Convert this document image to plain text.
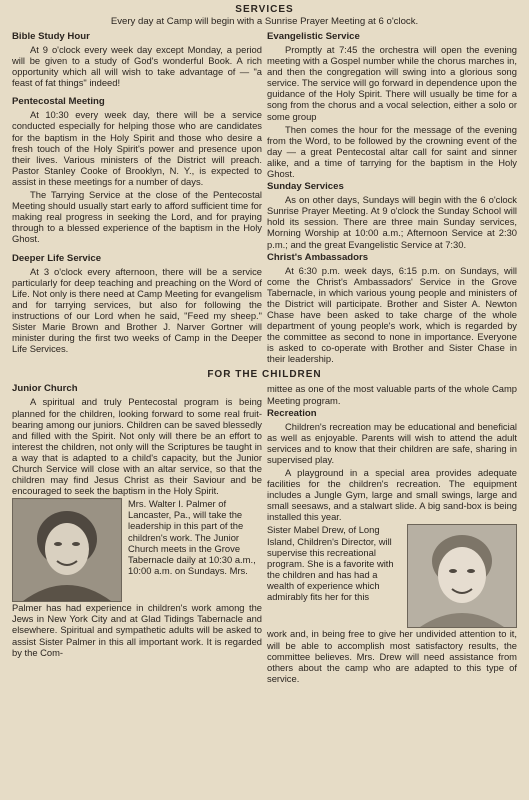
SERVICES
Every day at Camp will begin with a Sunrise Prayer Meeting at 6 o'clock.
Bible Study Hour

At 9 o'clock every week day except Monday, a period will be given to a study of God's wonderful Book. A rich opportunity which all will wish to take advantage of — "a feast of fat things" indeed!

Pentecostal Meeting

At 10:30 every week day, there will be a service conducted especially for helping those who are candidates for the baptism in the Holy Spirit and those who desire a fresh touch of the Holy Spirit's power and presence upon their lives. Various ministers of the District will preach. Pastor Stanley Cooke of Brooklyn, N. Y., is expected to assist in these meetings for a number of days.

The Tarrying Service at the close of the Pentecostal Meeting should usually start early to afford sufficient time for making real progress in seeking the Lord, and for praying through to a blessed experience of the baptism in the Holy Ghost.

Deeper Life Service

At 3 o'clock every afternoon, there will be a service particularly for deep teaching and preaching on the Word of Life. Not only is there need at Camp Meeting for evangelism and for tarrying services, but also for following the instructions of our Lord when he said, "Feed my sheep." Sister Marie Brown and Brother J. Narver Gortner will minister during the first two weeks of Camp in the Deeper Life Services.

Evangelistic Service

Promptly at 7:45 the orchestra will open the evening meeting with a Gospel number while the chorus marches in, and then the congregation will swing into a glorious song service. The service will go forward in dependence upon the guidance of the Holy Spirit. There will usually be time for a song from the chorus and a vocal selection, either a solo or some group

Then comes the hour for the message of the evening from the Word, to be followed by the crowning event of the day — a great Pentecostal altar call for saint and sinner alike, and a time of tarrying for the baptism in the Holy Ghost.

Sunday Services

As on other days, Sundays will begin with the 6 o'clock Sunrise Prayer Meeting. At 9 o'clock the Sunday School will hold its session. There are three main Sunday services, Morning Worship at 10:00 a.m.; Afternoon Service at 2:30 p.m.; and the great Evangelistic Service at 7:30.

Christ's Ambassadors

At 6:30 p.m. week days, 6:15 p.m. on Sundays, will come the Christ's Ambassadors' Service in the Grove Tabernacle, in which various young people and ministers of the District will participate. Brother and Sister A. Newton Chase have been asked to take charge of the whole department of young people's work, which is regarded by the committee as second to none in importance. Everyone is asked to co-operate with Brother and Sister Chase in their leadership.

FOR THE CHILDREN
Junior Church

A spiritual and truly Pentecostal program is being planned for the children, looking forward to some real fruit-bearing among our juniors. Children can be saved blessedly and filled with the Spirit. Not only will there be an effort to interest the children, not only will the Scriptures be taught in a way that is adapted to a child's capacity, but the Junior Church Service will close with an altar service, so that the children may find Jesus Christ as their Saviour and be encouraged to seek the baptism in the Holy Spirit.

Mrs. Walter I. Palmer of Lancaster, Pa., will take the leadership in this part of the children's work. The Junior Church meets in the Grove Tabernacle daily at 10:30 a.m., 10:00 a.m. on Sundays. Mrs.

Palmer has had experience in children's work among the Jews in New York City and at Glad Tidings Tabernacle and elsewhere. Spiritual and sympathetic adults will be asked to assist Sister Palmer in this all important work. It is regarded by the Com-

mittee as one of the most valuable parts of the whole Camp Meeting program.

Recreation

Children's recreation may be educational and beneficial as well as enjoyable. Parents will wish to attend the adult services and to know that their children are safe, sharing in supervised play.

A playground in a special area provides adequate facilities for the children's recreation. The equipment includes a Jungle Gym, large and small swings, large and small seesaws, and a stalwart slide. A big sand-box is being installed this year.

Sister Mabel Drew, of Long Island, Children's Director, will supervise this recreational program. She is a favorite with the children and has had a wealth of experience which admirably fits her for this

work and, in being free to give her undivided attention to it, will be able to accomplish most satisfactory results, the committee believes. Mrs. Drew will need assistance from others about the camp who are adapted to this type of service.
